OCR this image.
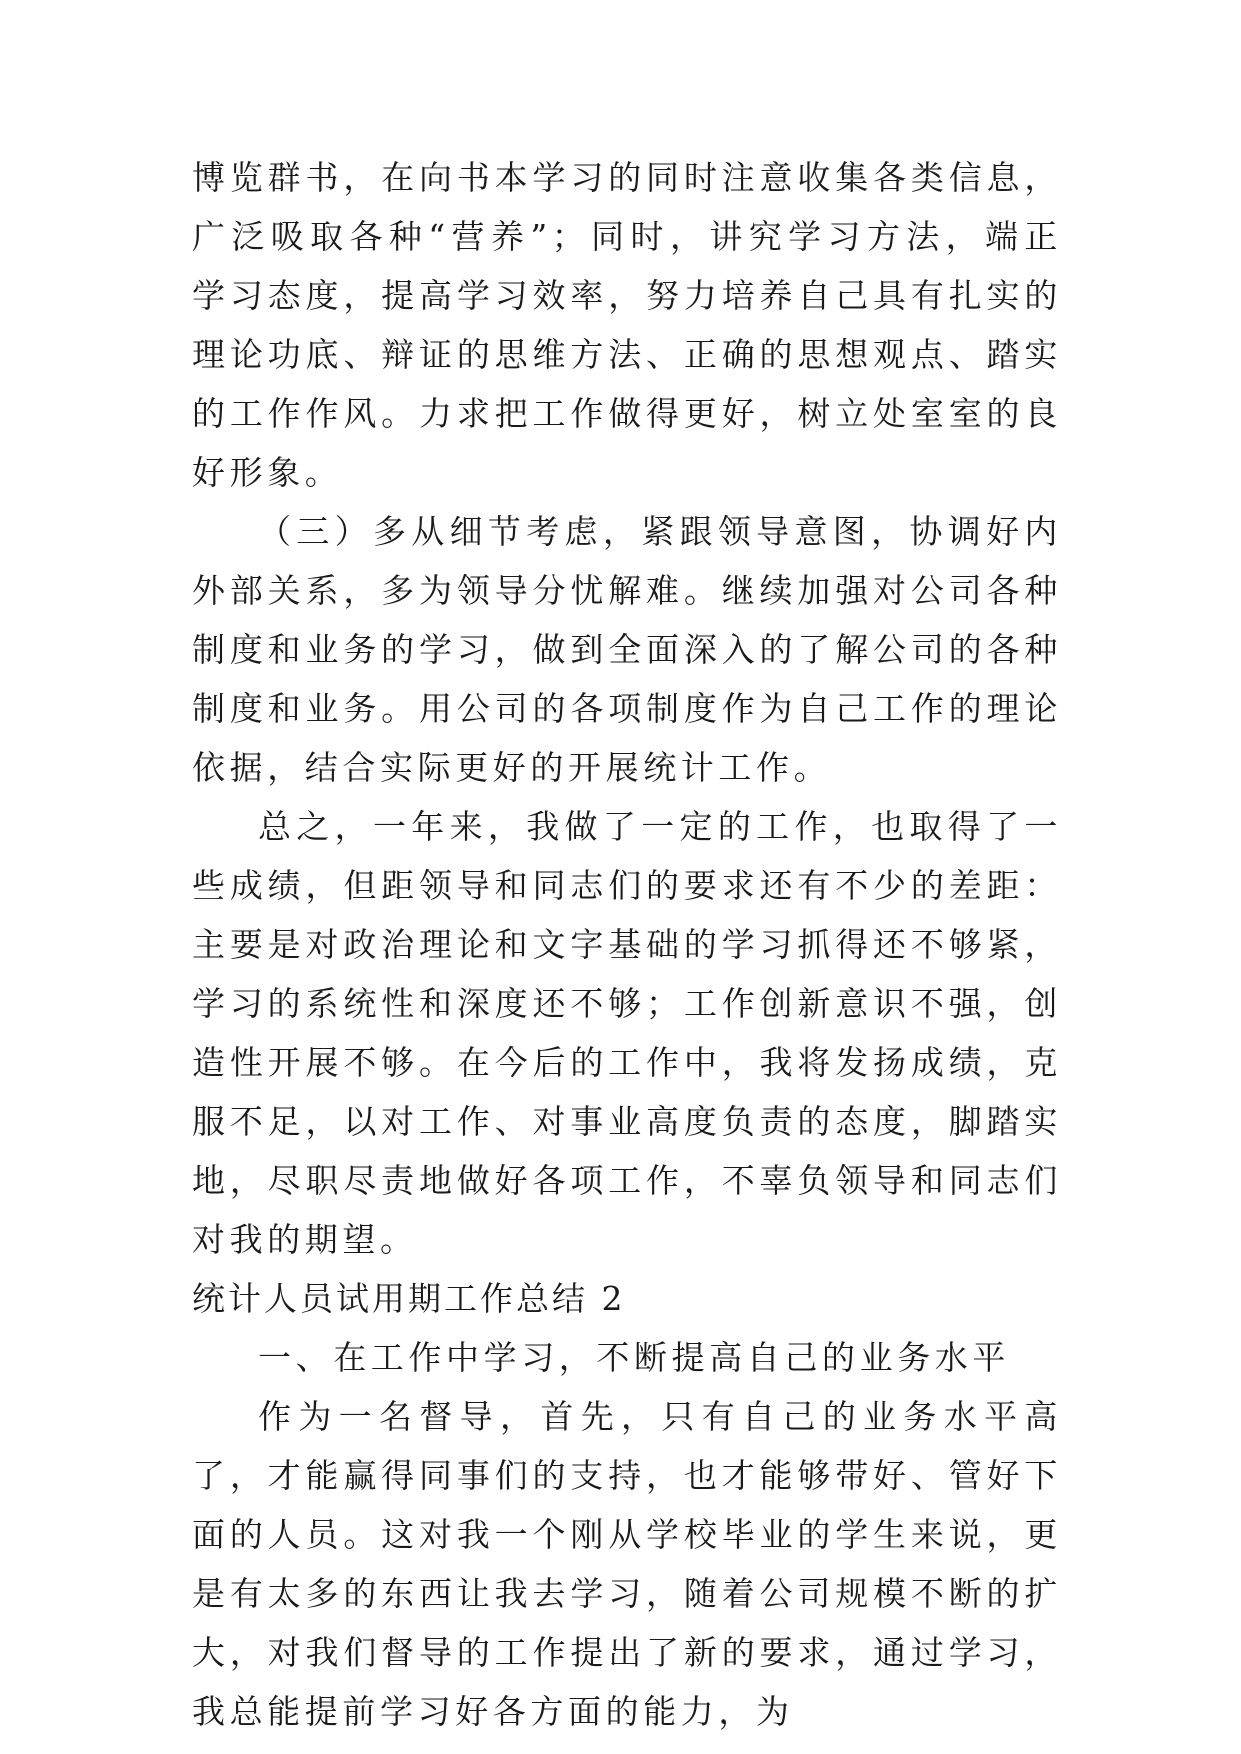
博览群书，在向书本学习的同时注意收集各类信息，广泛吸取各种“营养”；同时，讲究学习方法，端正学习态度，提高学习效率，努力培养自己具有扎实的理论功底、辩证的思维方法、正确的思想观点、踏实的工作作风。力求把工作做得更好，树立处室室的良好形象。

（三）多从细节考虑，紧跟领导意图，协调好内外部关系，多为领导分忧解难。继续加强对公司各种制度和业务的学习，做到全面深入的了解公司的各种制度和业务。用公司的各项制度作为自己工作的理论依据，结合实际更好的开展统计工作。

总之，一年来，我做了一定的工作，也取得了一些成绩，但距领导和同志们的要求还有不少的差距：主要是对政治理论和文字基础的学习抓得还不够紧，学习的系统性和深度还不够；工作创新意识不强，创造性开展不够。在今后的工作中，我将发扬成绩，克服不足，以对工作、对事业高度负责的态度，脚踏实地，尽职尽责地做好各项工作，不辜负领导和同志们对我的期望。

统计人员试用期工作总结 2

一、在工作中学习，不断提高自己的业务水平

作为一名督导，首先，只有自己的业务水平高了，才能赢得同事们的支持，也才能够带好、管好下面的人员。这对我一个刚从学校毕业的学生来说，更是有太多的东西让我去学习，随着公司规模不断的扩大，对我们督导的工作提出了新的要求，通过学习，我总能提前学习好各方面的能力，为
